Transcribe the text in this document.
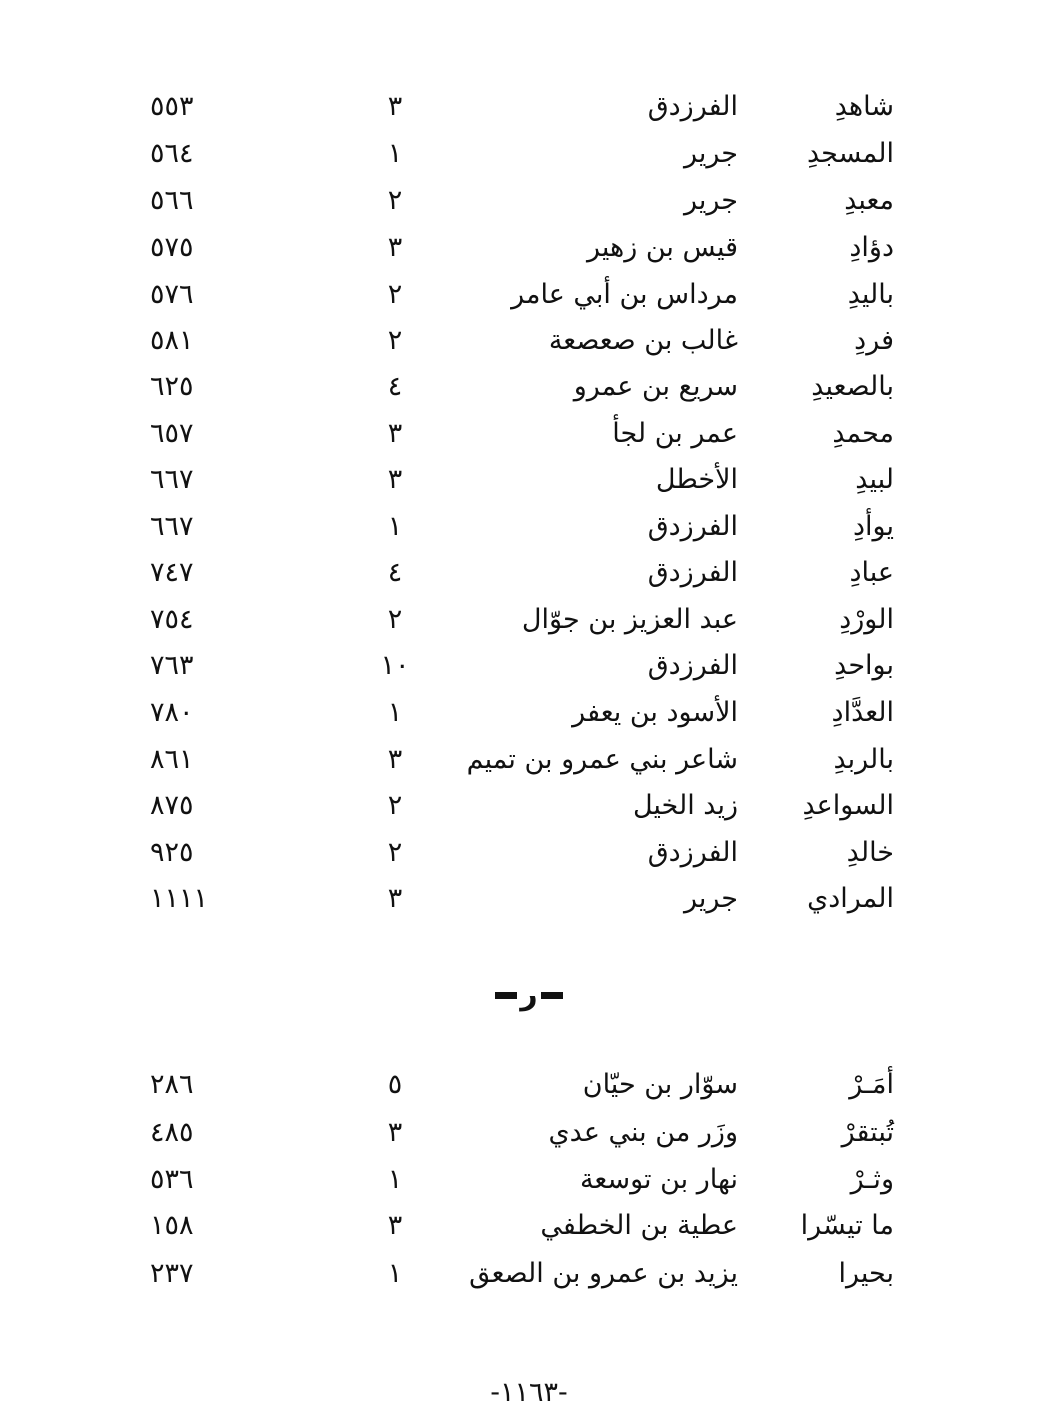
شاهدِ
الفرزدق
٣
٥٥٣
المسجدِ
جرير
١
٥٦٤
معبدِ
جرير
٢
٥٦٦
دؤادِ
قيس بن زهير
٣
٥٧٥
باليدِ
مرداس بن أبي عامر
٢
٥٧٦
فردِ
غالب بن صعصعة
٢
٥٨١
بالصعيدِ
سريع بن عمرو
٤
٦٢٥
محمدِ
عمر بن لجأ
٣
٦٥٧
لبيدِ
الأخطل
٣
٦٦٧
يوأدِ
الفرزدق
١
٦٦٧
عبادِ
الفرزدق
٤
٧٤٧
الورْدِ
عبد العزيز بن جوّال
٢
٧٥٤
بواحدِ
الفرزدق
١٠
٧٦٣
العدَّادِ
الأسود بن يعفر
١
٧٨٠
بالربدِ
شاعر بني عمرو بن تميم
٣
٨٦١
السواعدِ
زيد الخيل
٢
٨٧٥
خالدِ
الفرزدق
٢
٩٢٥
المرادي
جرير
٣
١١١١
ر
أمَـرْ
سوّار بن حيّان
٥
٢٨٦
تُبتقرْ
وزَر من بني عدي
٣
٤٨٥
وثـرْ
نهار بن توسعة
١
٥٣٦
ما تيسّرا
عطية بن الخطفي
٣
١٥٨
بحيرا
يزيد بن عمرو بن الصعق
١
٢٣٧
-١١٦٣-
